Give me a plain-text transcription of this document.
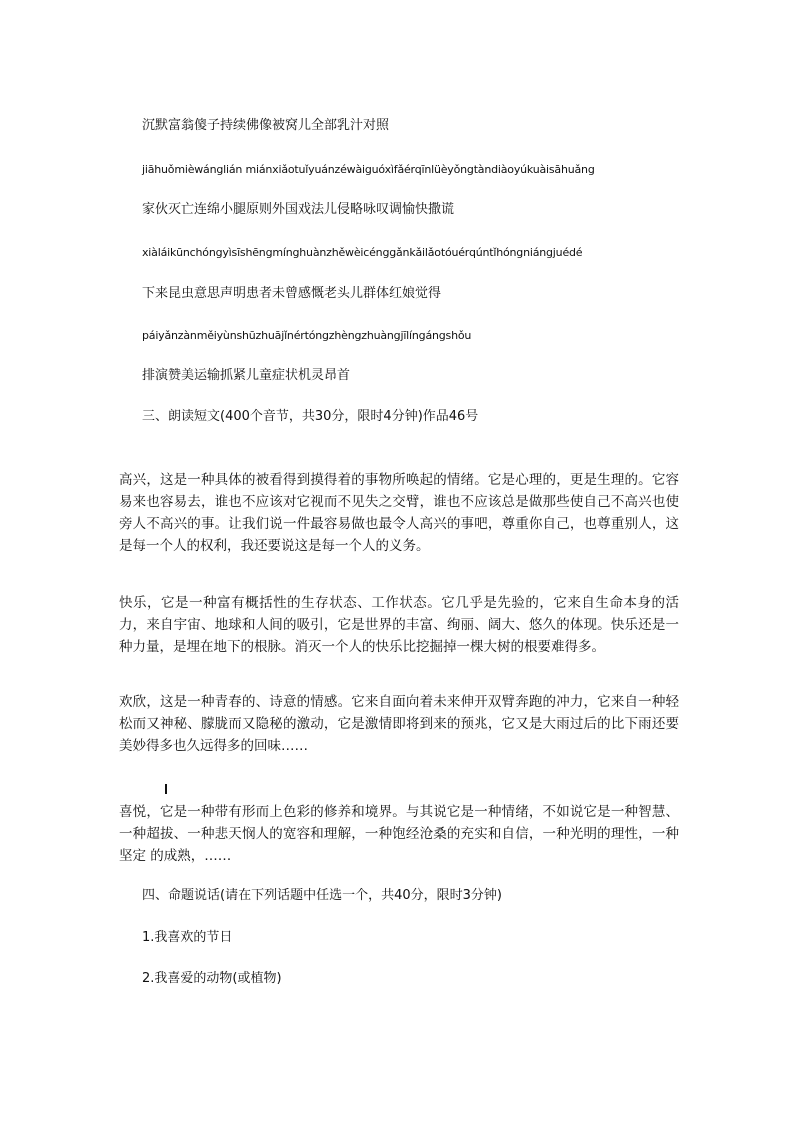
沉默富翁傻子持续佛像被窝儿全部乳汁对照
jiāhuǒmièwánglián miánxiǎotuǐyuánzéwàiguóxìfǎérqīnlüèyǒngtàndiàoyúkuàisāhuǎng
家伙灭亡连绵小腿原则外国戏法儿侵略咏叹调愉快撒谎
xiàláikūnchóngyìsīshēngmínghuànzhěwèicénggǎnkǎilǎotóuérqúntǐhóngniángjuédé
下来昆虫意思声明患者未曾感慨老头儿群体红娘觉得
páiyǎnzànměiyùnshūzhuājǐnértóngzhèngzhuàngjīlíngángshǒu
排演赞美运输抓紧儿童症状机灵昂首
三、朗读短文(400个音节，共30分，限时4分钟)作品46号

高兴，这是一种具体的被看得到摸得着的事物所唤起的情绪。它是心理的，更是生理的。它容易来也容易去，谁也不应该对它视而不见失之交臂，谁也不应该总是做那些使自己不高兴也使旁人不高兴的事。让我们说一件最容易做也最令人高兴的事吧，尊重你自己，也尊重别人，这是每一个人的权利，我还要说这是每一个人的义务。

快乐，它是一种富有概括性的生存状态、工作状态。它几乎是先验的，它来自生命本身的活力，来自宇宙、地球和人间的吸引，它是世界的丰富、绚丽、阔大、悠久的体现。快乐还是一种力量，是埋在地下的根脉。消灭一个人的快乐比挖掘掉一棵大树的根要难得多。

欢欣，这是一种青春的、诗意的情感。它来自面向着未来伸开双臂奔跑的冲力，它来自一种轻松而又神秘、朦胧而又隐秘的激动，它是激情即将到来的预兆，它又是大雨过后的比下雨还要美妙得多也久远得多的回味……

喜悦，它是一种带有形而上色彩的修养和境界。与其说它是一种情绪，不如说它是一种智慧、一种超拔、一种悲天悯人的宽容和理解，一种饱经沧桑的充实和自信，一种光明的理性，一种坚定 的成熟，……

四、命题说话(请在下列话题中任选一个，共40分，限时3分钟)
1.我喜欢的节日
2.我喜爱的动物(或植物)
